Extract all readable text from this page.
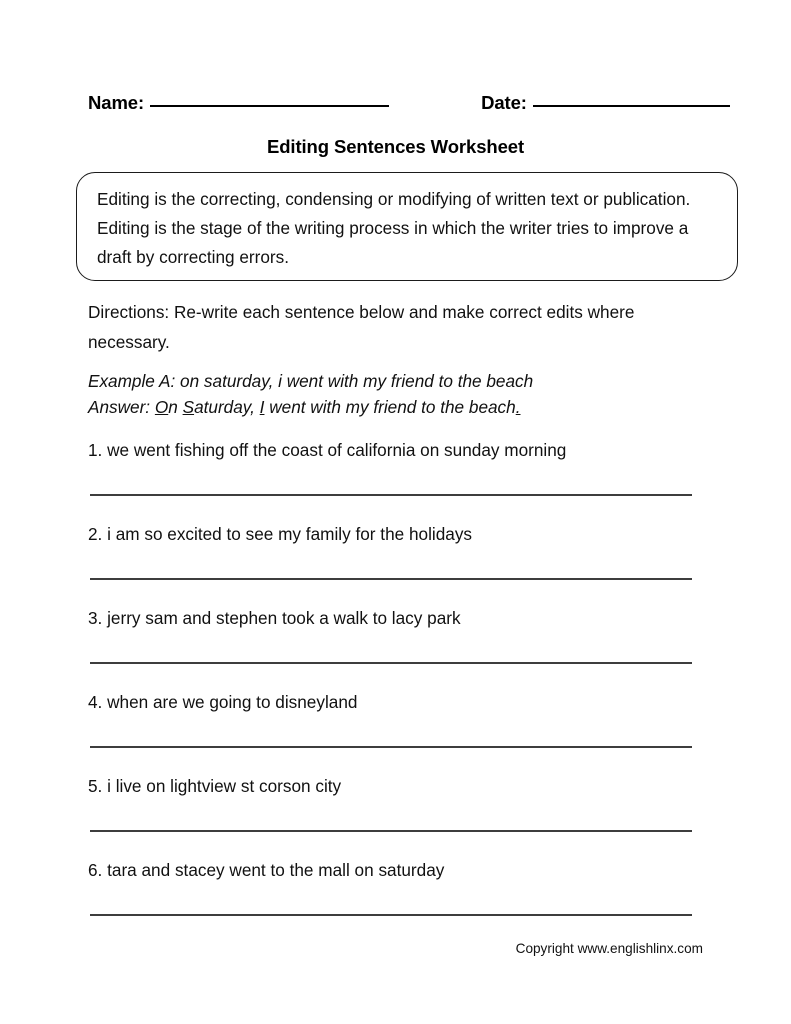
Name:	Date:
Editing Sentences Worksheet
Editing is the correcting, condensing or modifying of written text or publication. Editing is the stage of the writing process in which the writer tries to improve a draft by correcting errors.
Directions: Re-write each sentence below and make correct edits where necessary.
Example A: on saturday, i went with my friend to the beach
Answer: On Saturday, I went with my friend to the beach.
1. we went fishing off the coast of california on sunday morning
2. i am so excited to see my family for the holidays
3. jerry sam and stephen took a walk to lacy park
4. when are we going to disneyland
5. i live on lightview st corson city
6. tara and stacey went to the mall on saturday
Copyright www.englishlinx.com
